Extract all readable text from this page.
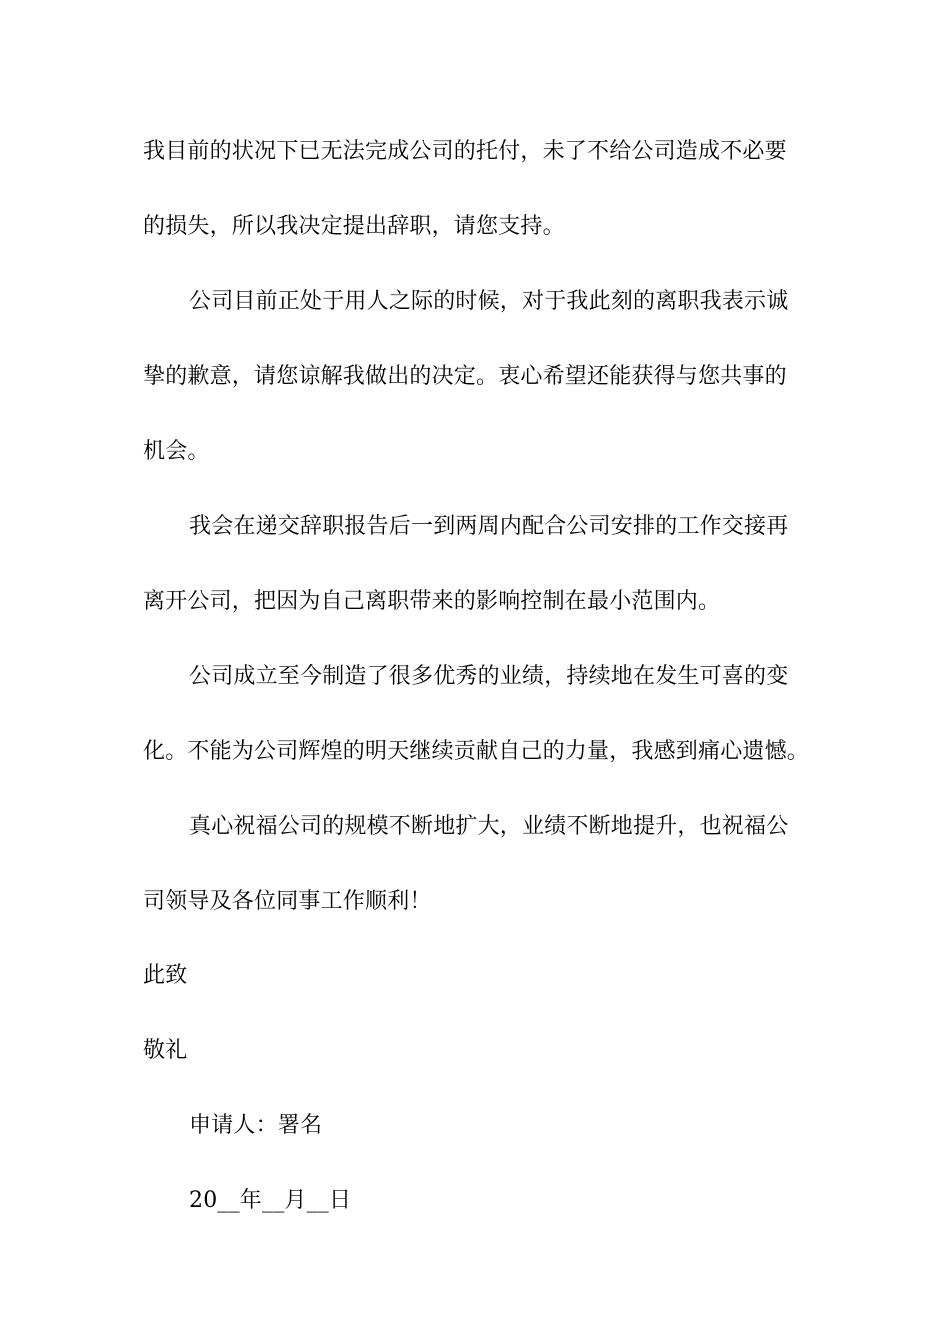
我目前的状况下已无法完成公司的托付，未了不给公司造成不必要
的损失，所以我决定提出辞职，请您支持。
公司目前正处于用人之际的时候，对于我此刻的离职我表示诚
挚的歉意，请您谅解我做出的决定。衷心希望还能获得与您共事的
机会。
我会在递交辞职报告后一到两周内配合公司安排的工作交接再
离开公司，把因为自己离职带来的影响控制在最小范围内。
公司成立至今制造了很多优秀的业绩，持续地在发生可喜的变
化。不能为公司辉煌的明天继续贡献自己的力量，我感到痛心遗憾。
真心祝福公司的规模不断地扩大，业绩不断地提升，也祝福公
司领导及各位同事工作顺利！
此致
敬礼
申请人：署名
20__年__月__日
